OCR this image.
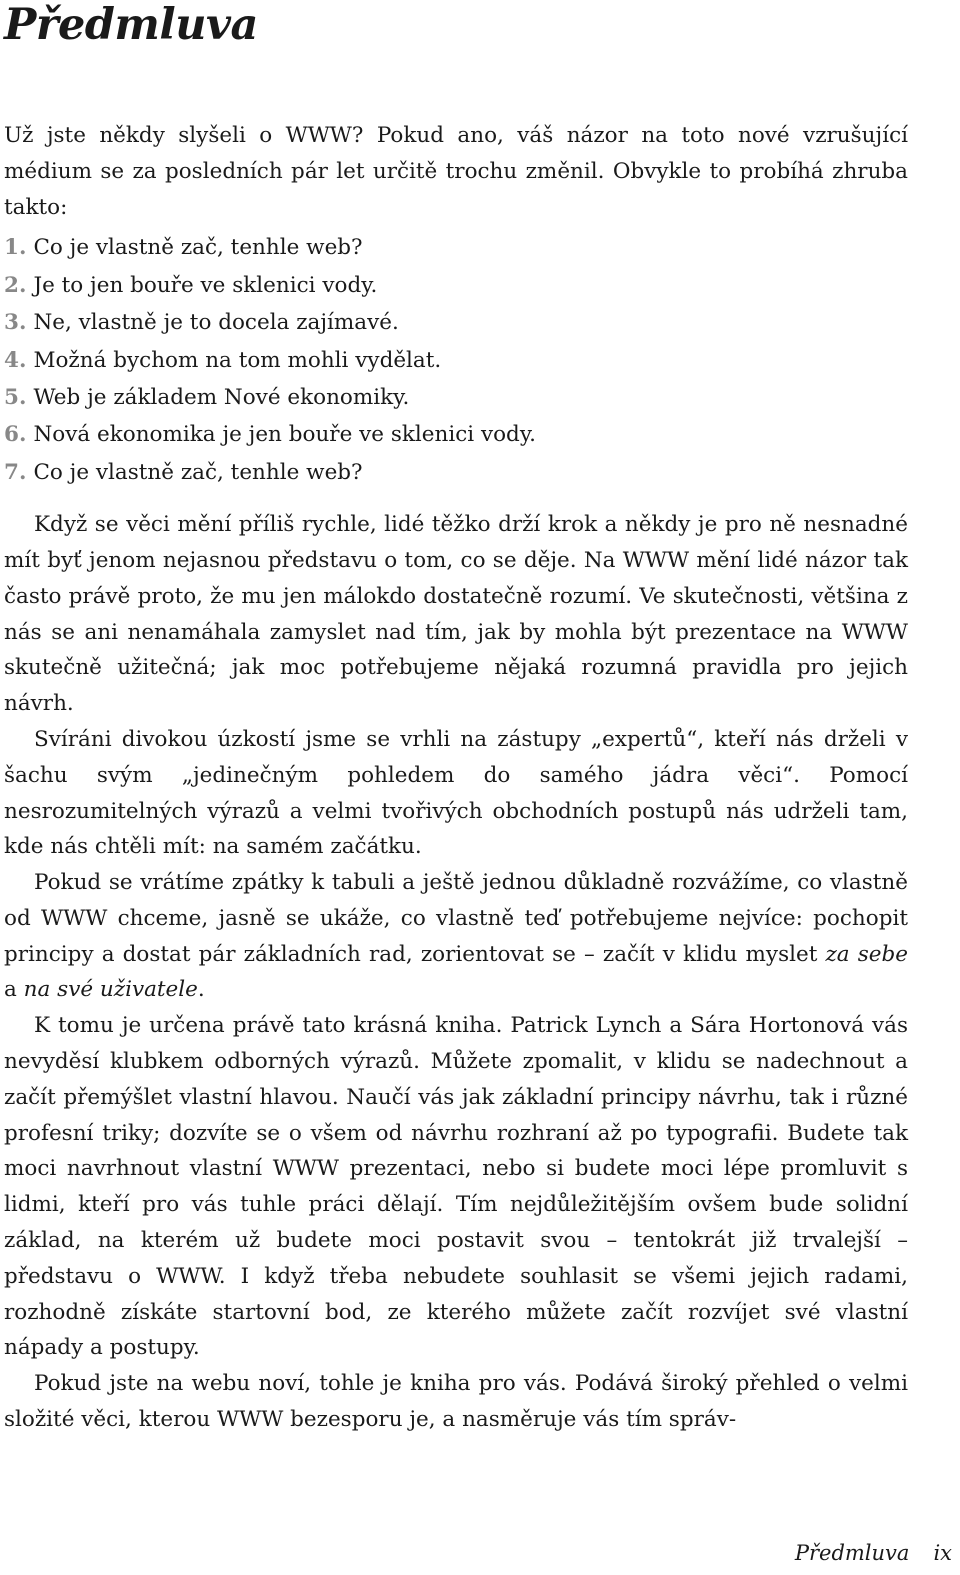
Předmluva

Už jste někdy slyšeli o WWW? Pokud ano, váš názor na toto nové vzrušující médium se za posledních pár let určitě trochu změnil. Obvykle to probíhá zhruba takto:

1. Co je vlastně zač, tenhle web?
2. Je to jen bouře ve sklenici vody.
3. Ne, vlastně je to docela zajímavé.
4. Možná bychom na tom mohli vydělat.
5. Web je základem Nové ekonomiky.
6. Nová ekonomika je jen bouře ve sklenici vody.
7. Co je vlastně zač, tenhle web?

Když se věci mění příliš rychle, lidé těžko drží krok a někdy je pro ně nesnadné mít byť jenom nejasnou představu o tom, co se děje. Na WWW mění lidé názor tak často právě proto, že mu jen málokdo dostatečně rozumí. Ve skutečnosti, většina z nás se ani nenamáhala zamyslet nad tím, jak by mohla být prezentace na WWW skutečně užitečná; jak moc potřebujeme nějaká rozumná pravidla pro jejich návrh.

Svíráni divokou úzkostí jsme se vrhli na zástupy „expertů“, kteří nás drželi v šachu svým „jedinečným pohledem do samého jádra věci“. Pomocí nesrozumitelných výrazů a velmi tvořivých obchodních postupů nás udrželi tam, kde nás chtěli mít: na samém začátku.

Pokud se vrátíme zpátky k tabuli a ještě jednou důkladně rozvážíme, co vlastně od WWW chceme, jasně se ukáže, co vlastně teď potřebujeme nejvíce: pochopit principy a dostat pár základních rad, zorientovat se – začít v klidu myslet za sebe a na své uživatele.

K tomu je určena právě tato krásná kniha. Patrick Lynch a Sára Hortonová vás nevyděsí klubkem odborných výrazů. Můžete zpomalit, v klidu se nadechnout a začít přemýšlet vlastní hlavou. Naučí vás jak základní principy návrhu, tak i různé profesní triky; dozvíte se o všem od návrhu rozhraní až po typografii. Budete tak moci navrhnout vlastní WWW prezentaci, nebo si budete moci lépe promluvit s lidmi, kteří pro vás tuhle práci dělají. Tím nejdůležitějším ovšem bude solidní základ, na kterém už budete moci postavit svou – tentokrát již trvalejší – představu o WWW. I když třeba nebudete souhlasit se všemi jejich radami, rozhodně získáte startovní bod, ze kterého můžete začít rozvíjet své vlastní nápady a postupy.

Pokud jste na webu noví, tohle je kniha pro vás. Podává široký přehled o velmi složité věci, kterou WWW bezesporu je, a nasměruje vás tím správ-

Předmluva ix
